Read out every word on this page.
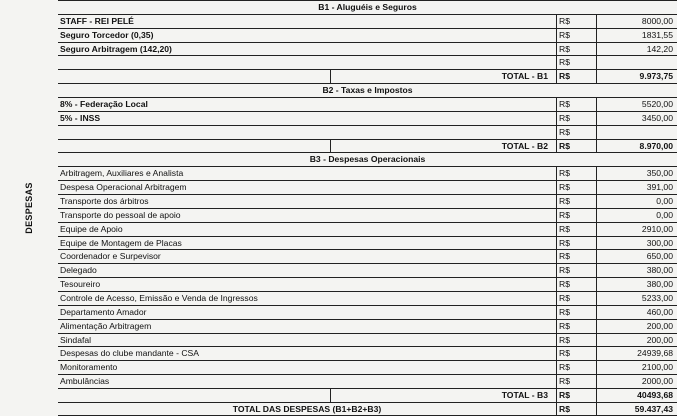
DESPESAS
B1 - Aluguéis e Seguros
STAFF - REI PELÉ	R$	8000,00
Seguro Torcedor (0,35)	R$	1831,55
Seguro Arbitragem (142,20)	R$	142,20
R$
TOTAL - B1	R$	9.973,75
B2 - Taxas e Impostos
8% - Federação Local	R$	5520,00
5% - INSS	R$	3450,00
R$
TOTAL - B2	R$	8.970,00
B3 - Despesas Operacionais
Arbitragem, Auxiliares e Analista	R$	350,00
Despesa Operacional Arbitragem	R$	391,00
Transporte dos árbitros	R$	0,00
Transporte do pessoal de apoio	R$	0,00
Equipe de Apoio	R$	2910,00
Equipe de Montagem de Placas	R$	300,00
Coordenador e Surpevisor	R$	650,00
Delegado	R$	380,00
Tesoureiro	R$	380,00
Controle de Acesso, Emissão e Venda de Ingressos	R$	5233,00
Departamento Amador	R$	460,00
Alimentação Arbitragem	R$	200,00
Sindafal	R$	200,00
Despesas do clube mandante - CSA	R$	24939,68
Monitoramento	R$	2100,00
Ambulâncias	R$	2000,00
TOTAL - B3	R$	40493,68
TOTAL DAS DESPESAS (B1+B2+B3)	R$	59.437,43
